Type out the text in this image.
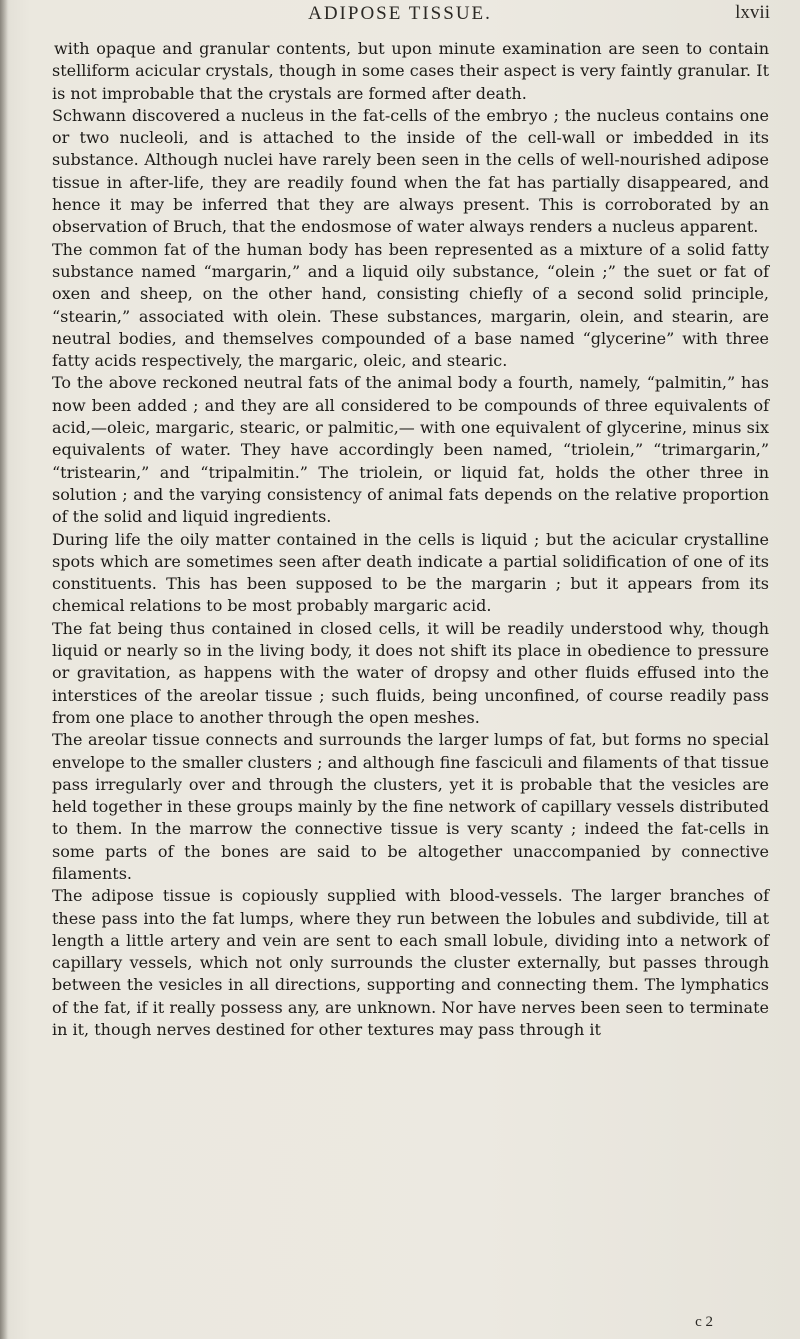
ADIPOSE TISSUE.	lxvii

with opaque and granular contents, but upon minute examination are seen to contain stelliform acicular crystals, though in some cases their aspect is very faintly granular. It is not improbable that the crystals are formed after death.

Schwann discovered a nucleus in the fat-cells of the embryo ; the nucleus contains one or two nucleoli, and is attached to the inside of the cell-wall or imbedded in its substance. Although nuclei have rarely been seen in the cells of well-nourished adipose tissue in after-life, they are readily found when the fat has partially disappeared, and hence it may be inferred that they are always present. This is corroborated by an observation of Bruch, that the endosmose of water always renders a nucleus apparent.

The common fat of the human body has been represented as a mixture of a solid fatty substance named “margarin,” and a liquid oily substance, “olein ;” the suet or fat of oxen and sheep, on the other hand, consisting chiefly of a second solid principle, “stearin,” associated with olein. These substances, margarin, olein, and stearin, are neutral bodies, and themselves compounded of a base named “glycerine” with three fatty acids respectively, the margaric, oleic, and stearic.

To the above reckoned neutral fats of the animal body a fourth, namely, “palmitin,” has now been added ; and they are all considered to be compounds of three equivalents of acid,—oleic, margaric, stearic, or palmitic,— with one equivalent of glycerine, minus six equivalents of water. They have accordingly been named, “triolein,” “trimargarin,” “tristearin,” and “tripalmitin.” The triolein, or liquid fat, holds the other three in solution ; and the varying consistency of animal fats depends on the relative proportion of the solid and liquid ingredients.

During life the oily matter contained in the cells is liquid ; but the acicular crystalline spots which are sometimes seen after death indicate a partial solidification of one of its constituents. This has been supposed to be the margarin ; but it appears from its chemical relations to be most probably margaric acid.

The fat being thus contained in closed cells, it will be readily understood why, though liquid or nearly so in the living body, it does not shift its place in obedience to pressure or gravitation, as happens with the water of dropsy and other fluids effused into the interstices of the areolar tissue ; such fluids, being unconfined, of course readily pass from one place to another through the open meshes.

The areolar tissue connects and surrounds the larger lumps of fat, but forms no special envelope to the smaller clusters ; and although fine fasciculi and filaments of that tissue pass irregularly over and through the clusters, yet it is probable that the vesicles are held together in these groups mainly by the fine network of capillary vessels distributed to them. In the marrow the connective tissue is very scanty ; indeed the fat-cells in some parts of the bones are said to be altogether unaccompanied by connective filaments.

The adipose tissue is copiously supplied with blood-vessels. The larger branches of these pass into the fat lumps, where they run between the lobules and subdivide, till at length a little artery and vein are sent to each small lobule, dividing into a network of capillary vessels, which not only surrounds the cluster externally, but passes through between the vesicles in all directions, supporting and connecting them. The lymphatics of the fat, if it really possess any, are unknown. Nor have nerves been seen to terminate in it, though nerves destined for other textures may pass through it

c 2
